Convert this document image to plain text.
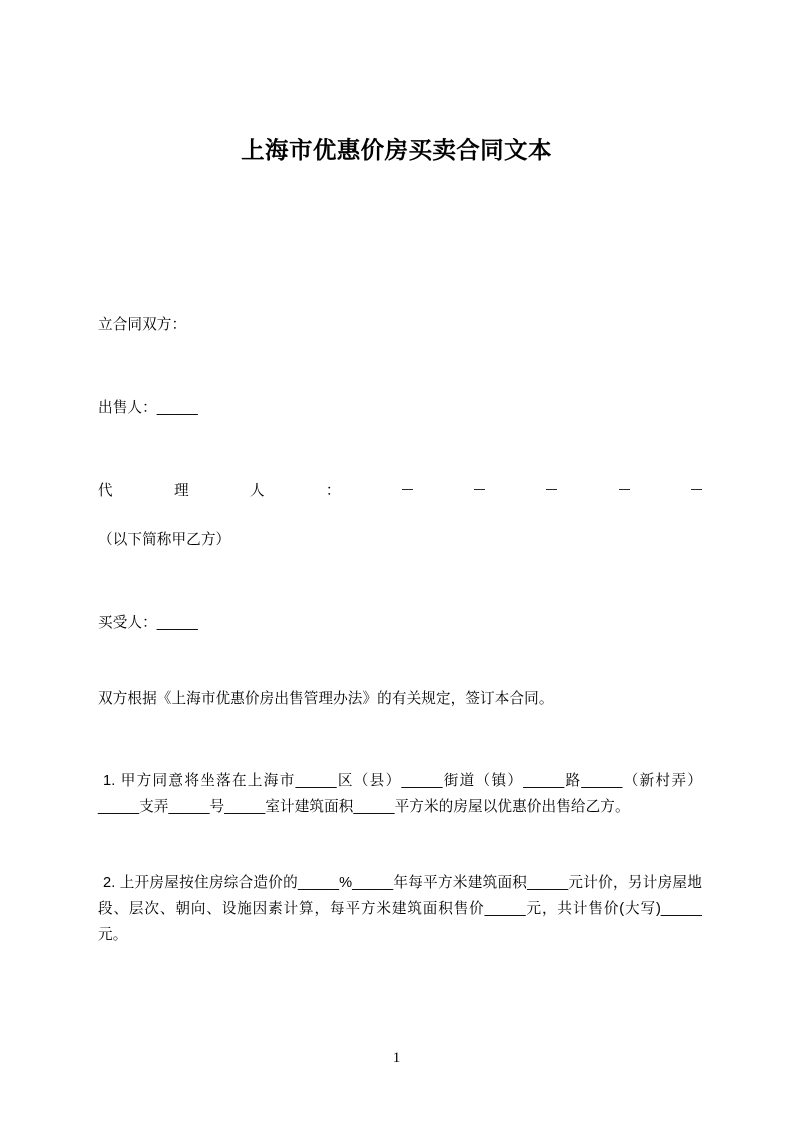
上海市优惠价房买卖合同文本
立合同双方：
出售人：_____
代	理	人	：
（以下简称甲乙方）
买受人：_____
双方根据《上海市优惠价房出售管理办法》的有关规定，签订本合同。
1. 甲方同意将坐落在上海市_____区（县）_____街道（镇）_____路_____（新村弄）_____支弄_____号_____室计建筑面积_____平方米的房屋以优惠价出售给乙方。
2. 上开房屋按住房综合造价的_____%_____年每平方米建筑面积_____元计价，另计房屋地段、层次、朝向、设施因素计算，每平方米建筑面积售价_____元，共计售价(大写)_____元。
1
